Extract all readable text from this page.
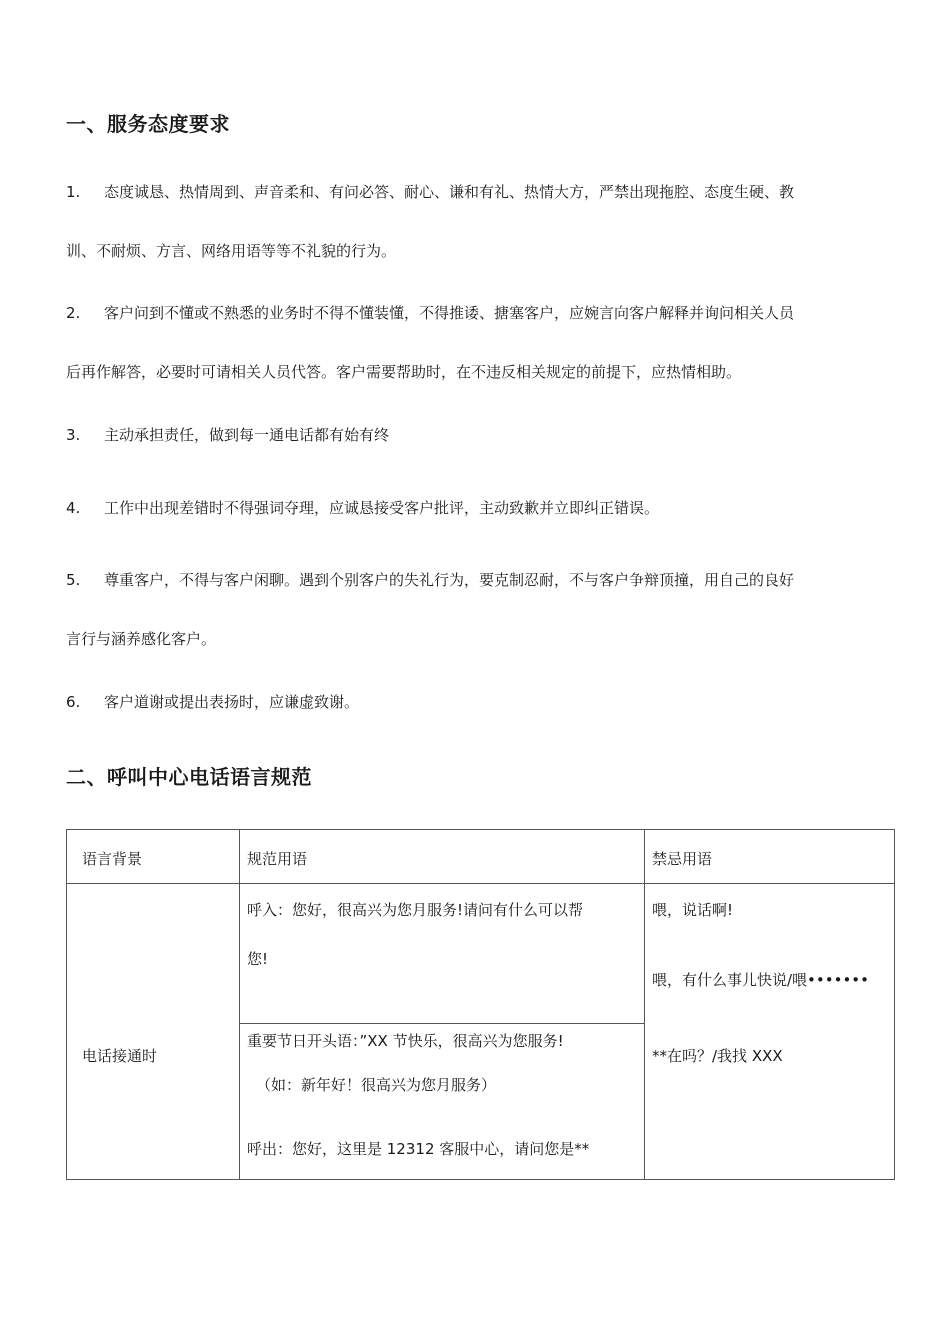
一、服务态度要求
1. 态度诚恳、热情周到、声音柔和、有问必答、耐心、谦和有礼、热情大方，严禁出现拖腔、态度生硬、教
训、不耐烦、方言、网络用语等等不礼貌的行为。
2. 客户问到不懂或不熟悉的业务时不得不懂装懂，不得推诿、搪塞客户，应婉言向客户解释并询问相关人员
后再作解答，必要时可请相关人员代答。客户需要帮助时，在不违反相关规定的前提下，应热情相助。
3. 主动承担责任，做到每一通电话都有始有终
4. 工作中出现差错时不得强词夺理，应诚恳接受客户批评，主动致歉并立即纠正错误。
5. 尊重客户，不得与客户闲聊。遇到个别客户的失礼行为，要克制忍耐，不与客户争辩顶撞，用自己的良好
言行与涵养感化客户。
6. 客户道谢或提出表扬时，应谦虚致谢。
二、呼叫中心电话语言规范
语言背景	规范用语	禁忌用语
电话接通时
呼入：您好，很高兴为您月服务!请问有什么可以帮
您!
重要节日开头语：”XX 节快乐，很高兴为您服务!
（如：新年好！很高兴为您月服务）
呼出：您好，这里是 12312 客服中心，请问您是**
喂，说话啊!
喂，有什么事儿快说/喂•••••••
**在吗？/我找 XXX
